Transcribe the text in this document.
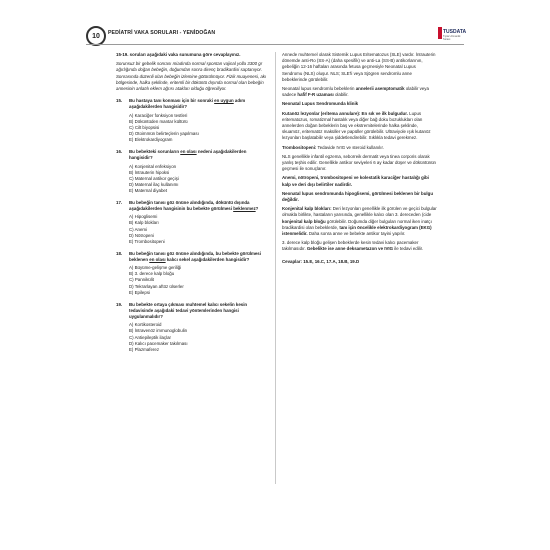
10	PEDİATRİ VAKA SORULARI - YENİDOĞAN	TUSDATA
Tıpta Uzmanlık Sınavı

15-19. soruları aşağıdaki vaka sunumuna göre cevaplayınız.

Sorunsuz bir gebelik sonrası miadında normal spontan vajinal yolla 3300 gr ağırlığında doğan bebeğin, doğumdan sonra direnç bradikardisi saptanıyor. Sonrasında düzenli olan bebeğin izlemine götürülmüyor. Fizik muayenesi, akı bölgesinde, halka şeklinde, eritemli bir döküntü dışında normal olan bebeğin annesinin anlatılı eklem ağrısı atakları olduğu öğreniliyor.

15. Bu hastaya tanı konması için bir sonraki en uygun adım aşağıdakilerden hangisidir?
A) Karaciğer fonksiyon testleri
B) Döküntüden mantar kültürü
C) Cilt biyopsisi
D) Otoimmün belirteçlerin yapılması
E) Elektrokardiyogram
16. Bu bebekteki sorunların en olası nedeni aşağıdakilerden hangisidir?
A) Konjenital enfeksiyon
B) İntrauterin hipoksi
C) Maternal antikor geçişi
D) Maternal ilaç kullanımı
E) Maternal diyabet
17. Bu bebeğin tanısı göz önüne alındığında, döküntü dışında aşağıdakilerden hangisinin bu bebekte görülmesi beklenmez?
A) Hipoglisemi
B) Kalp blokları
C) Anemi
D) Nötropeni
E) Trombositopeni
18. Bu bebeğin tanısı göz önüne alındığında, bu bebekte görülmesi beklenen en olası kalıcı sekel aşağıdakilerden hangisidir?
A) Büyüme-gelişme geriliği
B) 3. derece kalp bloğu
C) Pannikülit
D) Tekrarlayan aftöz ülserler
E) Epilepsi
19. Bu bebekte ortaya çıkması muhtemel kalıcı sekelin kesin tedavisinde aşağıdaki tedavi yöntemlerinden hangisi uygulanmalıdır?
A) Kortikosteroid
B) İntravenöz immunoglobulin
C) Antiepileptik ilaçlar
D) Kalıcı pacemaker takılması
E) Plazmaferez

Annede muhtemel olarak Sistemik Lupus Eritematozus (SLE) vardır. İntrauterin dönemde anti-Ro (SS-A) (daha spesifik) ve anti-La (SS-B) antikorlarının, gebeliğin 12-16 haftaları arasında fetusa geçmesiyle Neonatal Lupus Sendromu (NLS) oluşur. NLS; SLE'li veya Sjögren sendromlu anne bebeklerinde görülebilir.

Neonatal lupus sendromlu bebeklerin annelerii asemptomatik olabilir veya sadece hafif F-R uzaması olabilir.

Neonatal Lupus Sendromunda klinik

Kutanöz lezyonlar (eritema annulare): En sık ve ilk bulgudur. Lupus eritematozus, romatizmal hastalık veya diğer bağ doku bozuklukları olan annelerden doğan bebeklerin baş ve ekstremitelerinde halka şeklinde, skuamöz, eritematöz maküller ve papüller görülebilir. Ultraviyole ışık kutanöz lezyonları başlatabilir veya şiddetlendirebilir. Sıklıkla tedavi gerekmez.

Trombositopeni: Tedavide IVIG ve steroid kullanılır.

NLS genellikle infantil egzema, seborreik dermatit veya tinea corporis olarak yanlış teşhis edilir. Genellikle antikor seviyeleri 6 ay kadar düşer ve döküntünün geçmesi ile sonuçlanır.

Anemi, nötropeni, trombositopeni ve kolestatik karaciğer hastalığı gibi kalp ve deri dışı belirtiler nadirdir.

Neonatal lupus sendromunda hipoglisemi, görülmesi beklenen bir bulgu değildir.

Konjenital kalp blokları: Deri lezyonları genellikle ilk görülen ve geçici bulgular olmakla birlikte, hastaların yarısında, genellikle kalıcı olan 3. dereceden (cide konjenital kalp bloğu görülebilir. Doğumda diğer bulguları normal iken inatçı bradikardisi olan bebeklerde, tanı için öncelikle elektrokardiyogram (EKG) istenmelidir. Daha sonra anne ve bebekte antikor tayini yapılır.

3. derece kalp bloğu gelişen bebeklerde kesin tedavi kalıcı pacemaker takılmasıdır. Gebelikte ise anne deksametazon ve IVIG ile tedavi edilir.

Cevaplar: 15.E, 16.C, 17.A, 18.B, 19.D
